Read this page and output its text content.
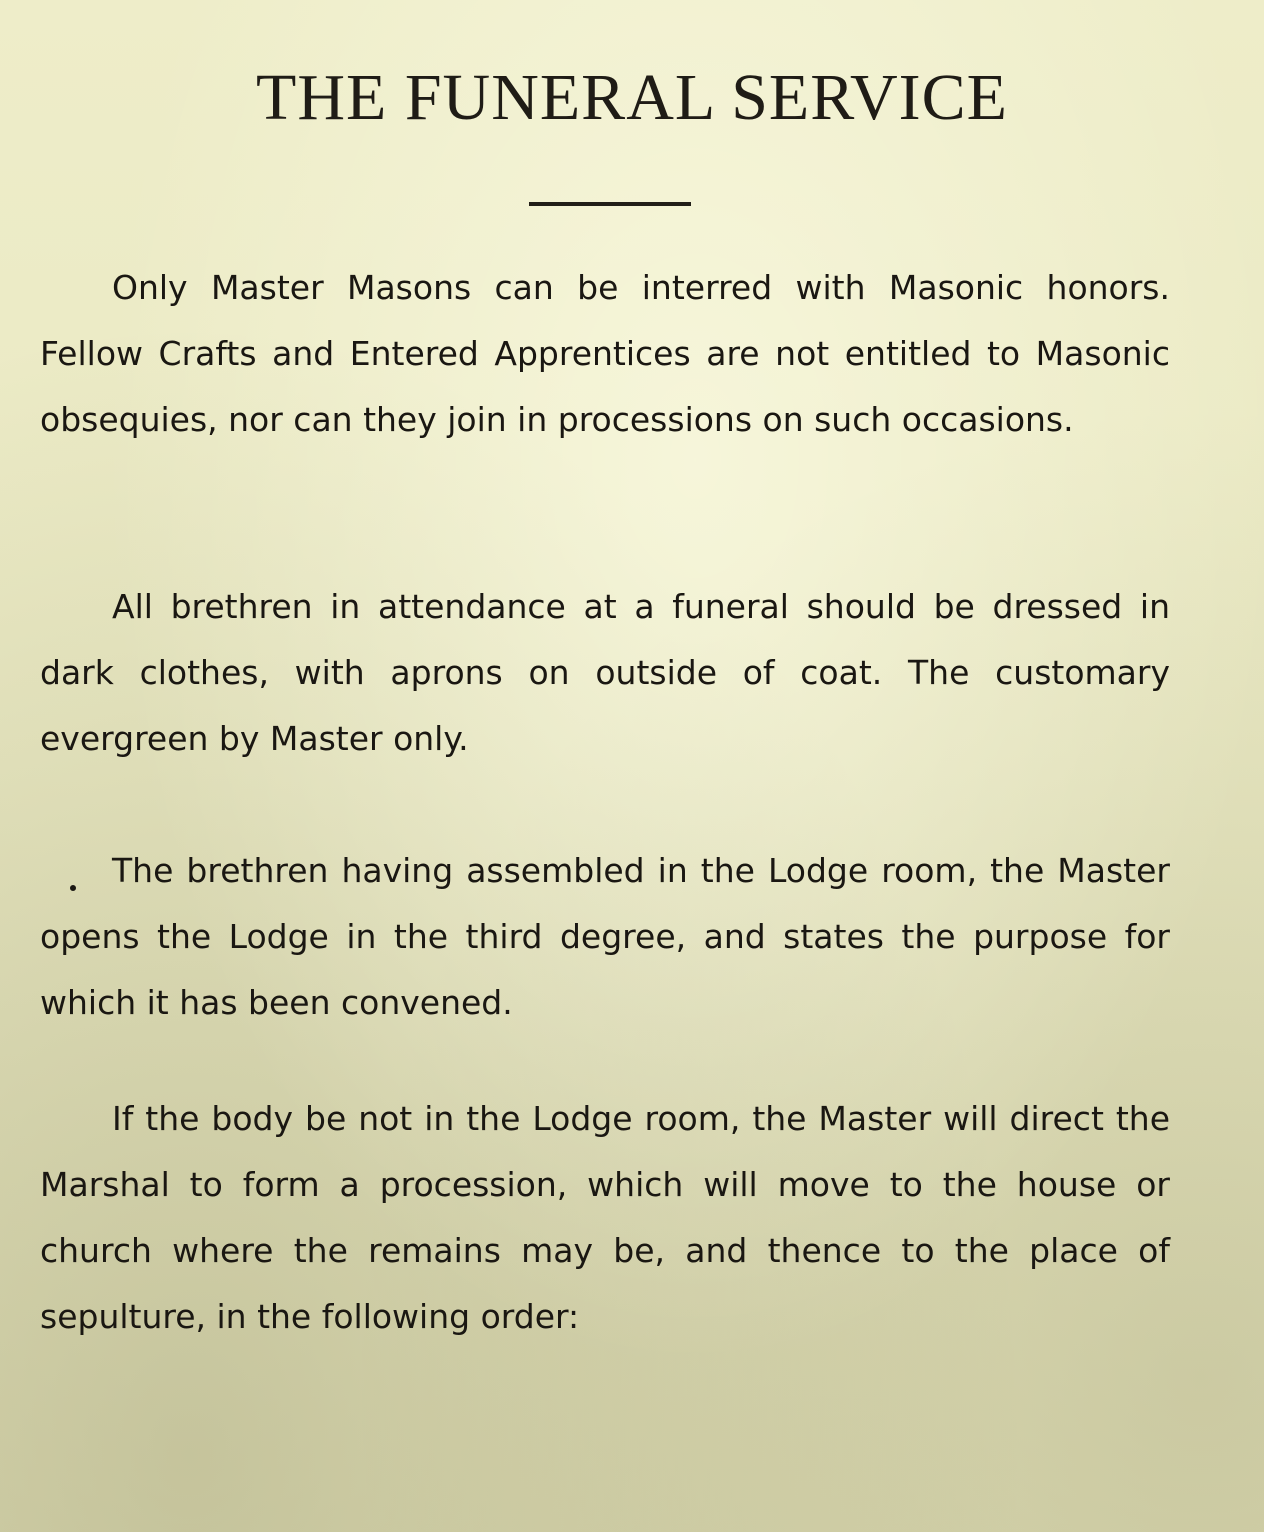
THE FUNERAL SERVICE

Only Master Masons can be interred with Masonic honors. Fellow Crafts and Entered Apprentices are not entitled to Masonic obsequies, nor can they join in processions on such occasions.

All brethren in attendance at a funeral should be dressed in dark clothes, with aprons on outside of coat. The customary evergreen by Master only.

The brethren having assembled in the Lodge room, the Master opens the Lodge in the third degree, and states the purpose for which it has been convened.

If the body be not in the Lodge room, the Master will direct the Marshal to form a procession, which will move to the house or church where the remains may be, and thence to the place of sepulture, in the following order:
